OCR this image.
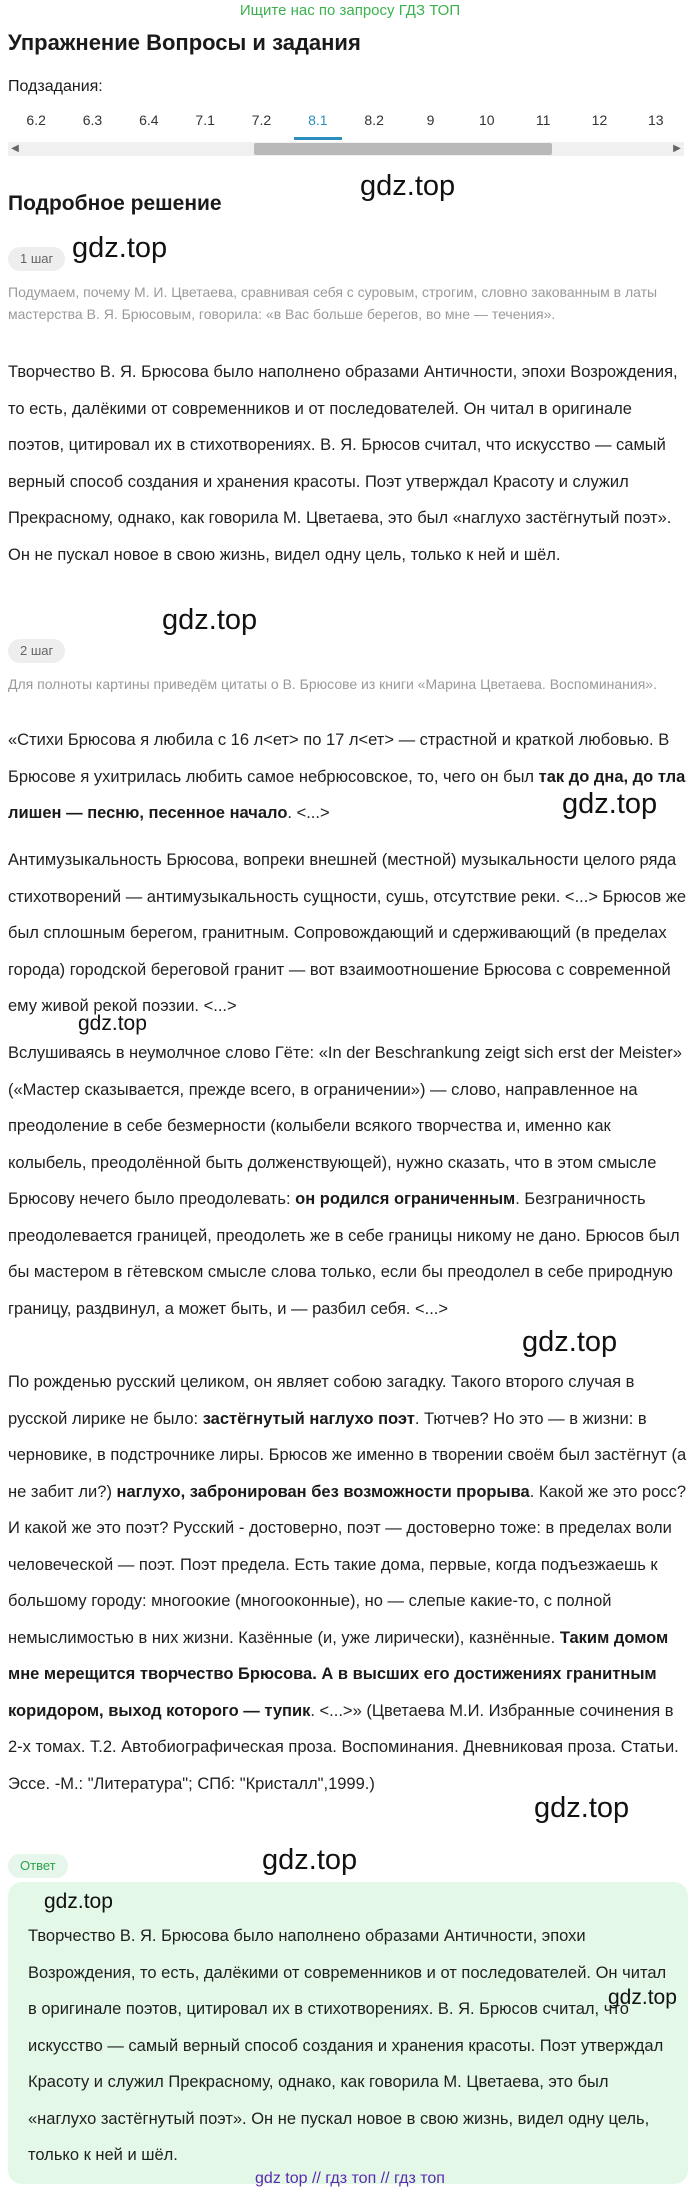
Ищите нас по запросу ГДЗ ТОП
Упражнение Вопросы и задания
Подзадания:
6.2	6.3	6.4	7.1	7.2	8.1	8.2	9	10	11	12	13
◀	▶
Подробное решение
gdz.top
gdz.top
gdz.top
gdz.top
gdz.top
gdz.top
gdz.top
gdz.top
1 шаг
Подумаем, почему М. И. Цветаева, сравнивая себя с суровым, строгим, словно закованным в латы мастерства В. Я. Брюсовым, говорила: «в Вас больше берегов, во мне — течения».
Творчество В. Я. Брюсова было наполнено образами Античности, эпохи Возрождения, то есть, далёкими от современников и от последователей. Он читал в оригинале поэтов, цитировал их в стихотворениях. В. Я. Брюсов считал, что искусство — самый верный способ создания и хранения красоты. Поэт утверждал Красоту и служил Прекрасному, однако, как говорила М. Цветаева, это был «наглухо застёгнутый поэт». Он не пускал новое в свою жизнь, видел одну цель, только к ней и шёл.
2 шаг
Для полноты картины приведём цитаты о В. Брюсове из книги «Марина Цветаева. Воспоминания».
«Стихи Брюсова я любила с 16 л<ет> по 17 л<ет> — страстной и краткой любовью. В Брюсове я ухитрилась любить самое небрюсовское, то, чего он был так до дна, до тла лишен — песню, песенное начало. <...>
Антимузыкальность Брюсова, вопреки внешней (местной) музыкальности целого ряда стихотворений — антимузыкальность сущности, сушь, отсутствие реки. <...> Брюсов же был сплошным берегом, гранитным. Сопровождающий и сдерживающий (в пределах города) городской береговой гранит — вот взаимоотношение Брюсова с современной ему живой рекой поэзии. <...>
Вслушиваясь в неумолчное слово Гёте: «In der Beschrankung zeigt sich erst der Meister» («Мастер сказывается, прежде всего, в ограничении») — слово, направленное на преодоление в себе безмерности (колыбели всякого творчества и, именно как колыбель, преодолённой быть долженствующей), нужно сказать, что в этом смысле Брюсову нечего было преодолевать: он родился ограниченным. Безграничность преодолевается границей, преодолеть же в себе границы никому не дано. Брюсов был бы мастером в гётевском смысле слова только, если бы преодолел в себе природную границу, раздвинул, а может быть, и — разбил себя. <...>
По рожденью русский целиком, он являет собою загадку. Такого второго случая в русской лирике не было: застёгнутый наглухо поэт. Тютчев? Но это — в жизни: в черновике, в подстрочнике лиры. Брюсов же именно в творении своём был застёгнут (а не забит ли?) наглухо, забронирован без возможности прорыва. Какой же это росс? И какой же это поэт? Русский - достоверно, поэт — достоверно тоже: в пределах воли человеческой — поэт. Поэт предела. Есть такие дома, первые, когда подъезжаешь к большому городу: многоокие (многооконные), но — слепые какие-то, с полной немыслимостью в них жизни. Казённые (и, уже лирически), казнённые. Таким домом мне мерещится творчество Брюсова. А в высших его достижениях гранитным коридором, выход которого — тупик. <...>» (Цветаева М.И. Избранные сочинения в 2-х томах. Т.2. Автобиографическая проза. Воспоминания. Дневниковая проза. Статьи. Эссе. -М.: "Литература"; СПб: "Кристалл",1999.)
Ответ
gdz.top
gdz.top
Творчество В. Я. Брюсова было наполнено образами Античности, эпохи Возрождения, то есть, далёкими от современников и от последователей. Он читал в оригинале поэтов, цитировал их в стихотворениях. В. Я. Брюсов считал, что искусство — самый верный способ создания и хранения красоты. Поэт утверждал Красоту и служил Прекрасному, однако, как говорила М. Цветаева, это был «наглухо застёгнутый поэт». Он не пускал новое в свою жизнь, видел одну цель, только к ней и шёл.
gdz top // гдз топ // гдз топ
